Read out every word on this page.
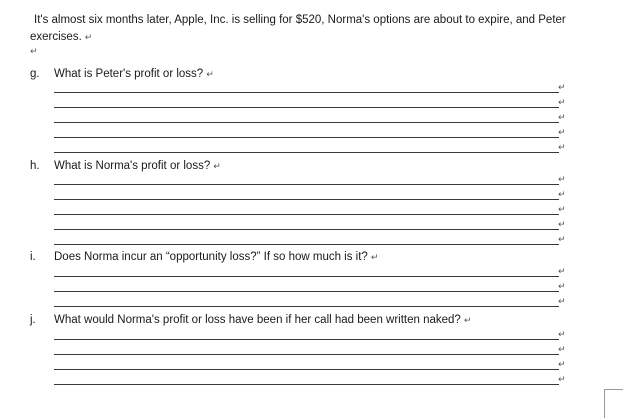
It's almost six months later, Apple, Inc. is selling for $520, Norma's options are about to expire, and Peter
exercises. ↵
↵
g. What is Peter's profit or loss? ↵
↵
↵
↵
↵
↵
h. What is Norma's profit or loss? ↵
↵
↵
↵
↵
↵
i. Does Norma incur an “opportunity loss?” If so how much is it? ↵
↵
↵
↵
j. What would Norma's profit or loss have been if her call had been written naked? ↵
↵
↵
↵
↵
